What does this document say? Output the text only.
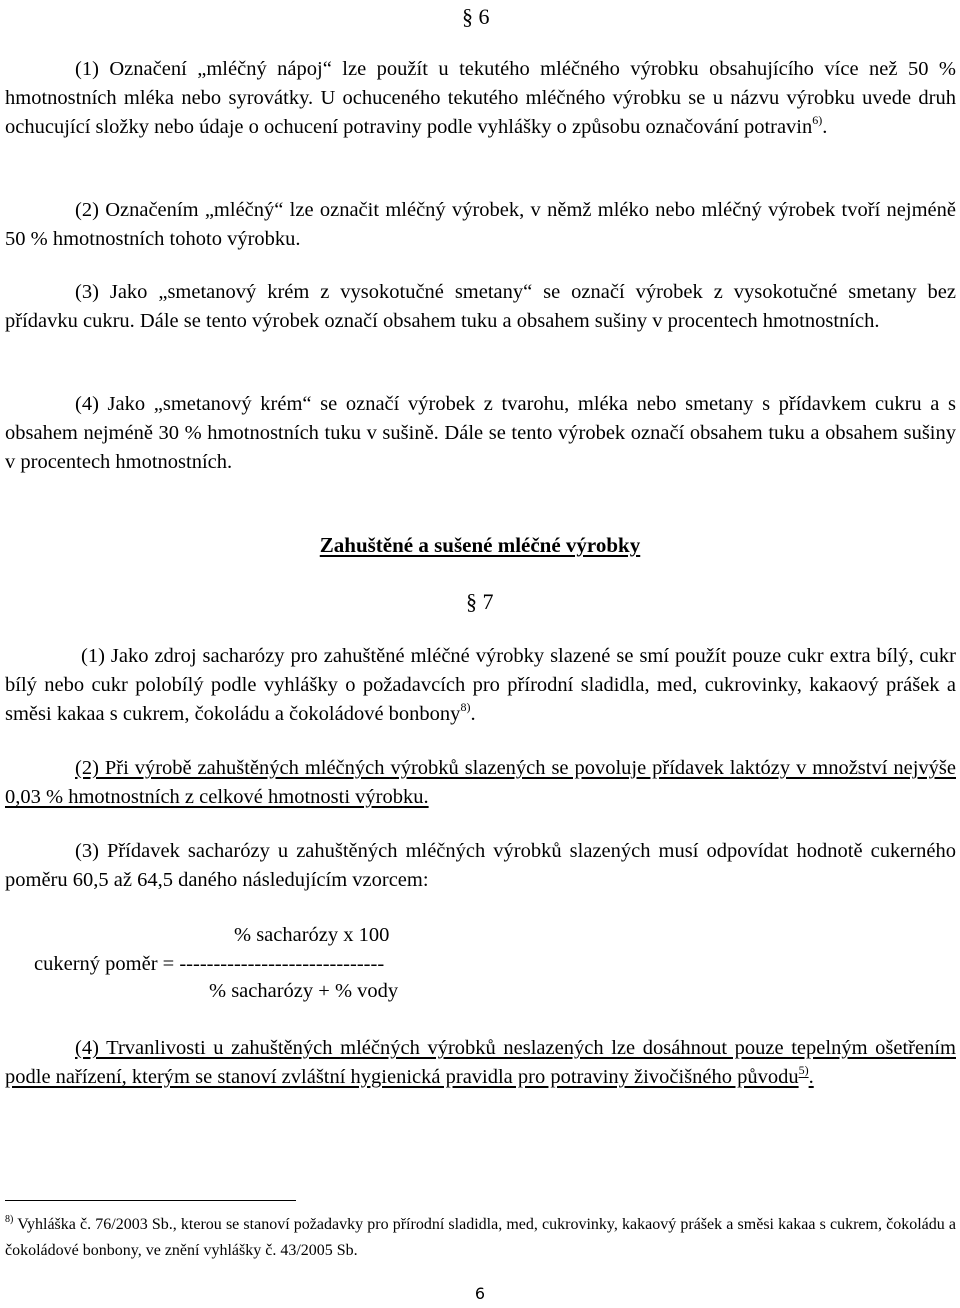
§ 6

(1) Označení „mléčný nápoj“ lze použít u tekutého mléčného výrobku obsahujícího více než 50 % hmotnostních mléka nebo syrovátky. U ochuceného tekutého mléčného výrobku se u názvu výrobku uvede druh ochucující složky nebo údaje o ochucení potraviny podle vyhlášky o způsobu označování potravin$^{6)}$.

(2) Označením „mléčný“ lze označit mléčný výrobek, v němž mléko nebo mléčný výrobek tvoří nejméně 50 % hmotnostních tohoto výrobku.

(3) Jako „smetanový krém z vysokotučné smetany“ se označí výrobek z vysokotučné smetany bez přídavku cukru. Dále se tento výrobek označí obsahem tuku a obsahem sušiny v procentech hmotnostních.

(4) Jako „smetanový krém“ se označí výrobek z tvarohu, mléka nebo smetany s přídavkem cukru a s obsahem nejméně 30 % hmotnostních tuku v sušině. Dále se tento výrobek označí obsahem tuku a obsahem sušiny v procentech hmotnostních.

Zahuštěné a sušené mléčné výrobky
§ 7

(1) Jako zdroj sacharózy pro zahuštěné mléčné výrobky slazené se smí použít pouze cukr extra bílý, cukr bílý nebo cukr polobílý podle vyhlášky o požadavcích pro přírodní sladidla, med, cukrovinky, kakaový prášek a směsi kakaa s cukrem, čokoládu a čokoládové bonbony$^{8)}$.

(2) Při výrobě zahuštěných mléčných výrobků slazených se povoluje přídavek laktózy v množství nejvýše 0,03 % hmotnostních z celkové hmotnosti výrobku.

(3) Přídavek sacharózy u zahuštěných mléčných výrobků slazených musí odpovídat hodnotě cukerného poměru 60,5 až 64,5 daného následujícím vzorcem:

% sacharózy x 100
cukerný poměr = ------------------------------
% sacharózy + % vody

(4) Trvanlivosti u zahuštěných mléčných výrobků neslazených lze dosáhnout pouze tepelným ošetřením podle nařízení, kterým se stanoví zvláštní hygienická pravidla pro potraviny živočišného původu$^{5)}$.

$^{8)}$ Vyhláška č. 76/2003 Sb., kterou se stanoví požadavky pro přírodní sladidla, med, cukrovinky, kakaový prášek a směsi kakaa s cukrem, čokoládu a čokoládové bonbony, ve znění vyhlášky č. 43/2005 Sb.

6
